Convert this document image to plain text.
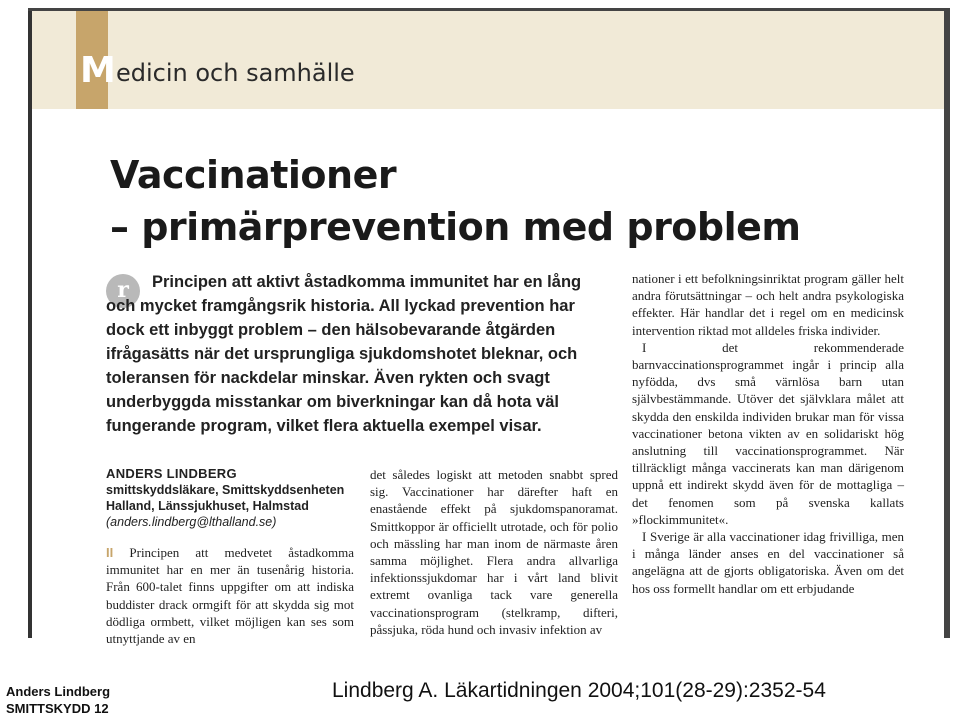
M edicin och samhälle
Vaccinationer
– primärprevention med problem
r	Principen att aktivt åstadkomma immunitet har en lång och mycket framgångsrik historia. All lyckad prevention har dock ett inbyggt problem – den hälsobevarande åtgärden ifrågasätts när det ursprungliga sjukdomshotet bleknar, och toleransen för nackdelar minskar. Även rykten och svagt underbyggda misstankar om biverkningar kan då hota väl fungerande program, vilket flera aktuella exempel visar.
ANDERS LINDBERG
smittskyddsläkare, Smittskyddsenheten Halland, Länssjukhuset, Halmstad
(anders.lindberg@lthalland.se)

II Principen att medvetet åstadkomma immunitet har en mer än tusenårig historia. Från 600-talet finns uppgifter om att indiska buddister drack ormgift för att skydda sig mot dödliga ormbett, vilket möjligen kan ses som utnyttjande av en

det således logiskt att metoden snabbt spred sig. Vaccinationer har därefter haft en enastående effekt på sjukdomspanoramat. Smittkoppor är officiellt utrotade, och för polio och mässling har man inom de närmaste åren samma möjlighet. Flera andra allvarliga infektionssjukdomar har i vårt land blivit extremt ovanliga tack vare generella vaccinationsprogram (stelkramp, difteri, påssjuka, röda hund och invasiv infektion av

nationer i ett befolkningsinriktat program gäller helt andra förutsättningar – och helt andra psykologiska effekter. Här handlar det i regel om en medicinsk intervention riktad mot alldeles friska individer.

I det rekommenderade barnvaccinationsprogrammet ingår i princip alla nyfödda, dvs små värnlösa barn utan självbestämmande. Utöver det självklara målet att skydda den enskilda individen brukar man för vissa vaccinationer betona vikten av en solidariskt hög anslutning till vaccinationsprogrammet. När tillräckligt många vaccinerats kan man därigenom uppnå ett indirekt skydd även för de mottagliga – det fenomen som på svenska kallats »flockimmunitet«.

I Sverige är alla vaccinationer idag frivilliga, men i många länder anses en del vaccinationer så angelägna att de gjorts obligatoriska. Även om det hos oss formellt handlar om ett erbjudande

Anders Lindberg
SMITTSKYDD 12
Lindberg A. Läkartidningen 2004;101(28-29):2352-54
